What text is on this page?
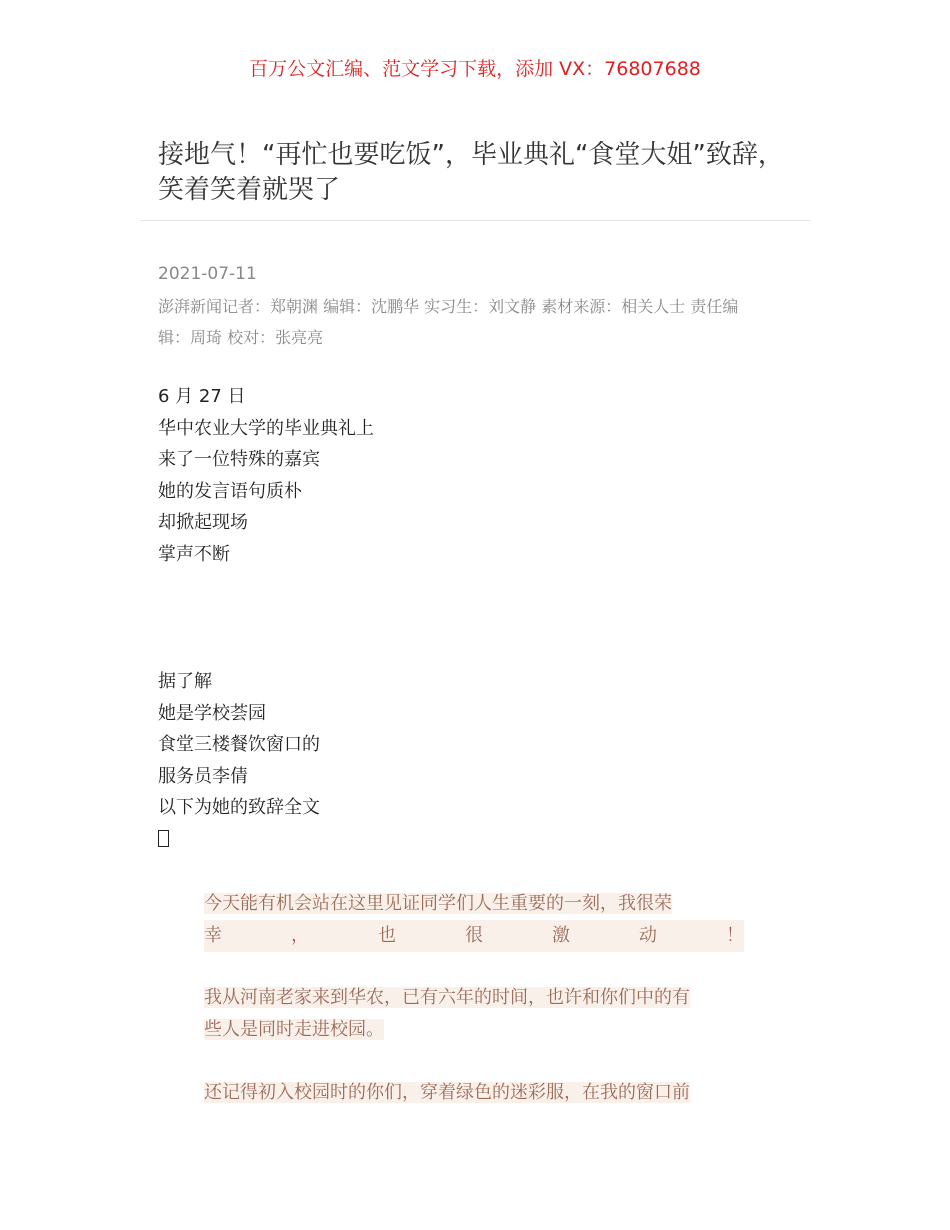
百万公文汇编、范文学习下载，添加 VX：76807688
接地气！“再忙也要吃饭”，毕业典礼“食堂大姐”致辞，
笑着笑着就哭了
2021-07-11
澎湃新闻记者：郑朝渊 编辑：沈鹏华 实习生：刘文静 素材来源：相关人士 责任编
辑：周琦 校对：张亮亮
6 月 27 日
华中农业大学的毕业典礼上
来了一位特殊的嘉宾
她的发言语句质朴
却掀起现场
掌声不断
据了解
她是学校荟园
食堂三楼餐饮窗口的
服务员李倩
以下为她的致辞全文
今天能有机会站在这里见证同学们人生重要的一刻，我很荣
幸	，	也	很	激	动	！
我从河南老家来到华农，已有六年的时间，也许和你们中的有
些人是同时走进校园。
还记得初入校园时的你们，穿着绿色的迷彩服，在我的窗口前
